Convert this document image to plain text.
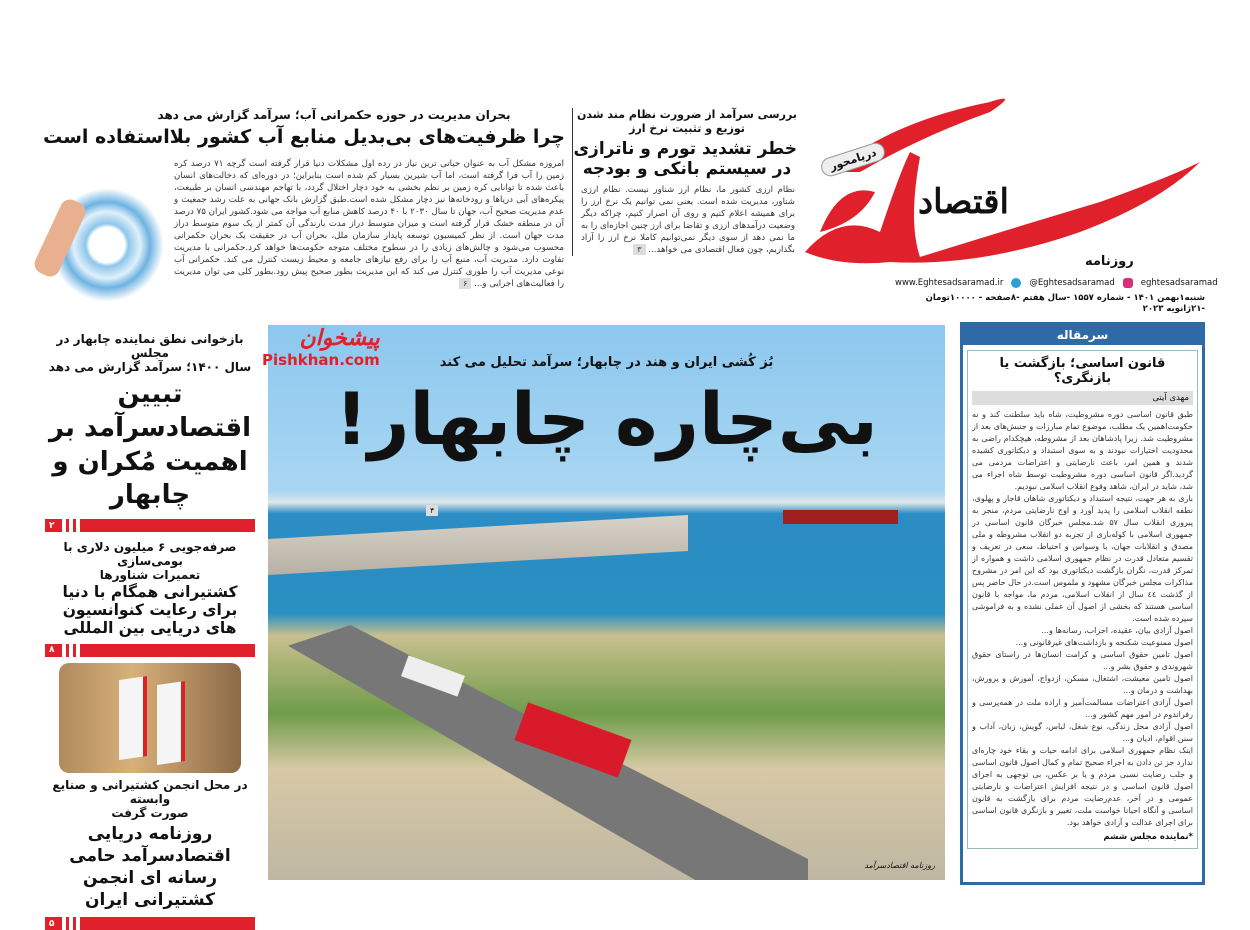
اقتصاد
دریامحور
روزنامه
www.Eghtesadsaramad.ir	@Eghtesadsaramad	eghtesadsaramad
شنبه۱بهمن ۱۴۰۱ - شماره ۱۵۵۷ -سال هفتم -۸صفحه - ۱۰۰۰۰تومان -۲۱ژانویه ۲۰۲۳
بررسی سرآمد از ضرورت نظام مند شدن
توزیع و تثبیت نرخ ارز
خطر تشدید تورم و ناترازی
در سیستم بانکی و بودجه
نظام ارزی کشور ما، نظام ارز شناور نیست. نظام ارزی شناور، مدیریت شده است. یعنی نمی توانیم یک نرخ ارز را برای همیشه اعلام کنیم و روی آن اصرار کنیم، چراکه دیگر وضعیت درآمدهای ارزی و تقاضا برای ارز چنین اجازه‌ای را به ما نمی دهد از سوی دیگر نمی‌توانیم کاملا نرخ ارز را آزاد بگذاریم، چون فعال اقتصادی می خواهد... ۳
بحران مدیریت در حوزه حکمرانی آب؛ سرآمد گزارش می دهد
چرا ظرفیت‌های بی‌بدیل منابع آب کشور بلااستفاده است
امروزه مشکل آب به عنوان حیاتی ترین نیاز در رده اول مشکلات دنیا قرار گرفته است گرچه ۷۱ درصد کره زمین را آب فرا گرفته است، اما آب شیرین بسیار کم شده است بنابراین؛ در دوره‌ای که دخالت‌های انسان باعث شده تا توانایی کره زمین بر نظم بخشی به خود دچار اختلال گردد، با تهاجم مهندسی انسان بر طبیعت، پیکره‌های آبی دریاها و رودخانه‌ها نیز دچار مشکل شده است.طبق گزارش بانک جهانی به علت رشد جمعیت و عدم مدیریت صحیح آب، جهان تا سال ۲۰۳۰ با ۴۰ درصد کاهش منابع آب مواجه می شود.کشور ایران ۷۵ درصد آن در منطقه خشک قرار گرفته است و میزان متوسط دراز مدت بارندگی آن کمتر از یک سوم متوسط دراز مدت جهان است. از نظر کمیسیون توسعه پایدار سازمان ملل، بحران آب در حقیقت یک بحران حکمرانی محسوب می‌شود و چالش‌های زیادی را در سطوح مختلف متوجه حکومت‌ها خواهد کرد.حکمرانی با مدیریت تفاوت دارد. مدیریت آب، منبع آب را برای رفع نیازهای جامعه و محیط زیست کنترل می کند. حکمرانی آب نوعی مدیریت آب را طوری کنترل می کند که این مدیریت بطور صحیح پیش رود.بطور کلی می توان مدیریت را فعالیت‌های اجرایی و... ۶
پیشخوان
Pishkhan.com
بازخوانی نطق نماینده چابهار در مجلس
سال ۱۴۰۰؛ سرآمد گزارش می دهد
تبیین اقتصادسرآمد بر اهمیت مُکران و چابهار
۲
صرفه‌جویی ۶ میلیون دلاری با بومی‌سازی
تعمیرات شناورها
کشتیرانی همگام با دنیا برای رعایت کنوانسیون های دریایی بین المللی
۸
در محل انجمن کشتیرانی و صنایع وابسته
صورت گرفت
روزنامه دریایی اقتصادسرآمد حامی رسانه ای انجمن کشتیرانی ایران
۵
بُز کُشی ایران و هند در چابهار؛ سرآمد تحلیل می کند
بی‌چاره چابهار!
۴
روزنامه اقتصادسرآمد
سرمقاله
قانون اساسی؛ بازگشت یا بازنگری؟
مهدی آیتی
طبق قانون اساسی دوره مشروطیت، شاه باید سلطنت کند و نه حکومت‌اهمین یک مطلب، موضوع تمام مبارزات و جنبش‌های بعد از مشروطیت شد. زیرا پادشاهان بعد از مشروطه، هیچکدام راضی به محدودیت اختیارات نبودند و به سوی استبداد و دیکتاتوری کشیده شدند و همین امر، باعث نارضایتی و اعتراضات مردمی می گردید.اگر قانون اساسی دوره مشروطیت توسط شاه اجراء می شد، شاید در ایران، شاهد وقوع انقلاب اسلامی نبودیم.
باری به هر جهت، نتیجه استبداد و دیکتاتوری شاهان قاجار و پهلوی، نطفه انقلاب اسلامی را پدید آورد و اوج نارضایتی مردم، منجر به پیروزی انقلاب سال ۵۷ شد.مجلس خبرگان قانون اساسی در جمهوری اسلامی با کوله‌باری از تجربه دو انقلاب مشروطه و ملی مصدق و انقلابات جهان، با وسواس و احتیاط، سعی در تعریف و تقسیم متعادل قدرت در نظام جمهوری اسلامی داشت و همواره از تمرکز قدرت، نگران بازگشت دیکتاتوری بود که این امر در مشروح مذاکرات مجلس خبرگان مشهود و ملموس است.در حال حاضر پس از گذشت ٤٤ سال از انقلاب اسلامی، مردم ما، مواجه با قانون اساسی هستند که بخشی از اصول آن عملی نشده و به فراموشی سپرده شده است.
اصول آزادی بیان، عقیده، احزاب، رسانه‌ها و...
اصول ممنوعیت شکنجه و بازداشت‌های غیرقانونی و...
اصول تامین حقوق اساسی و کرامت انسان‌ها در راستای حقوق شهروندی و حقوق بشر و...
اصول تامین معیشت، اشتغال، مسکن، ازدواج، آموزش و پرورش، بهداشت و درمان و...
اصول آزادی اعتراضات مسالمت‌آمیز و اراده ملت در همه‌پرسی و رفراندوم در امور مهم کشور و...
اصول آزادی محل زندگی، نوع شغل، لباس، گویش، زبان، آداب و سنن اقوام، ادیان و...
اینک نظام جمهوری اسلامی برای ادامه حیات و بقاء خود چاره‌ای ندارد جز تن دادن به اجراء صحیح تمام و کمال اصول قانون اساسی و جلب رضایت نسبی مردم و یا بر عکس، بی توجهی به اجرای اصول قانون اساسی و در نتیجه افزایش اعتراضات و نارضایتی عمومی و در آخر، عدم‌رضایت مردم برای بازگشت به قانون اساسی و آنگاه احیانا خواست ملت، تغییر و بازنگری قانون اساسی برای اجرای عدالت و آزادی خواهد بود.
*نماینده مجلس ششم
